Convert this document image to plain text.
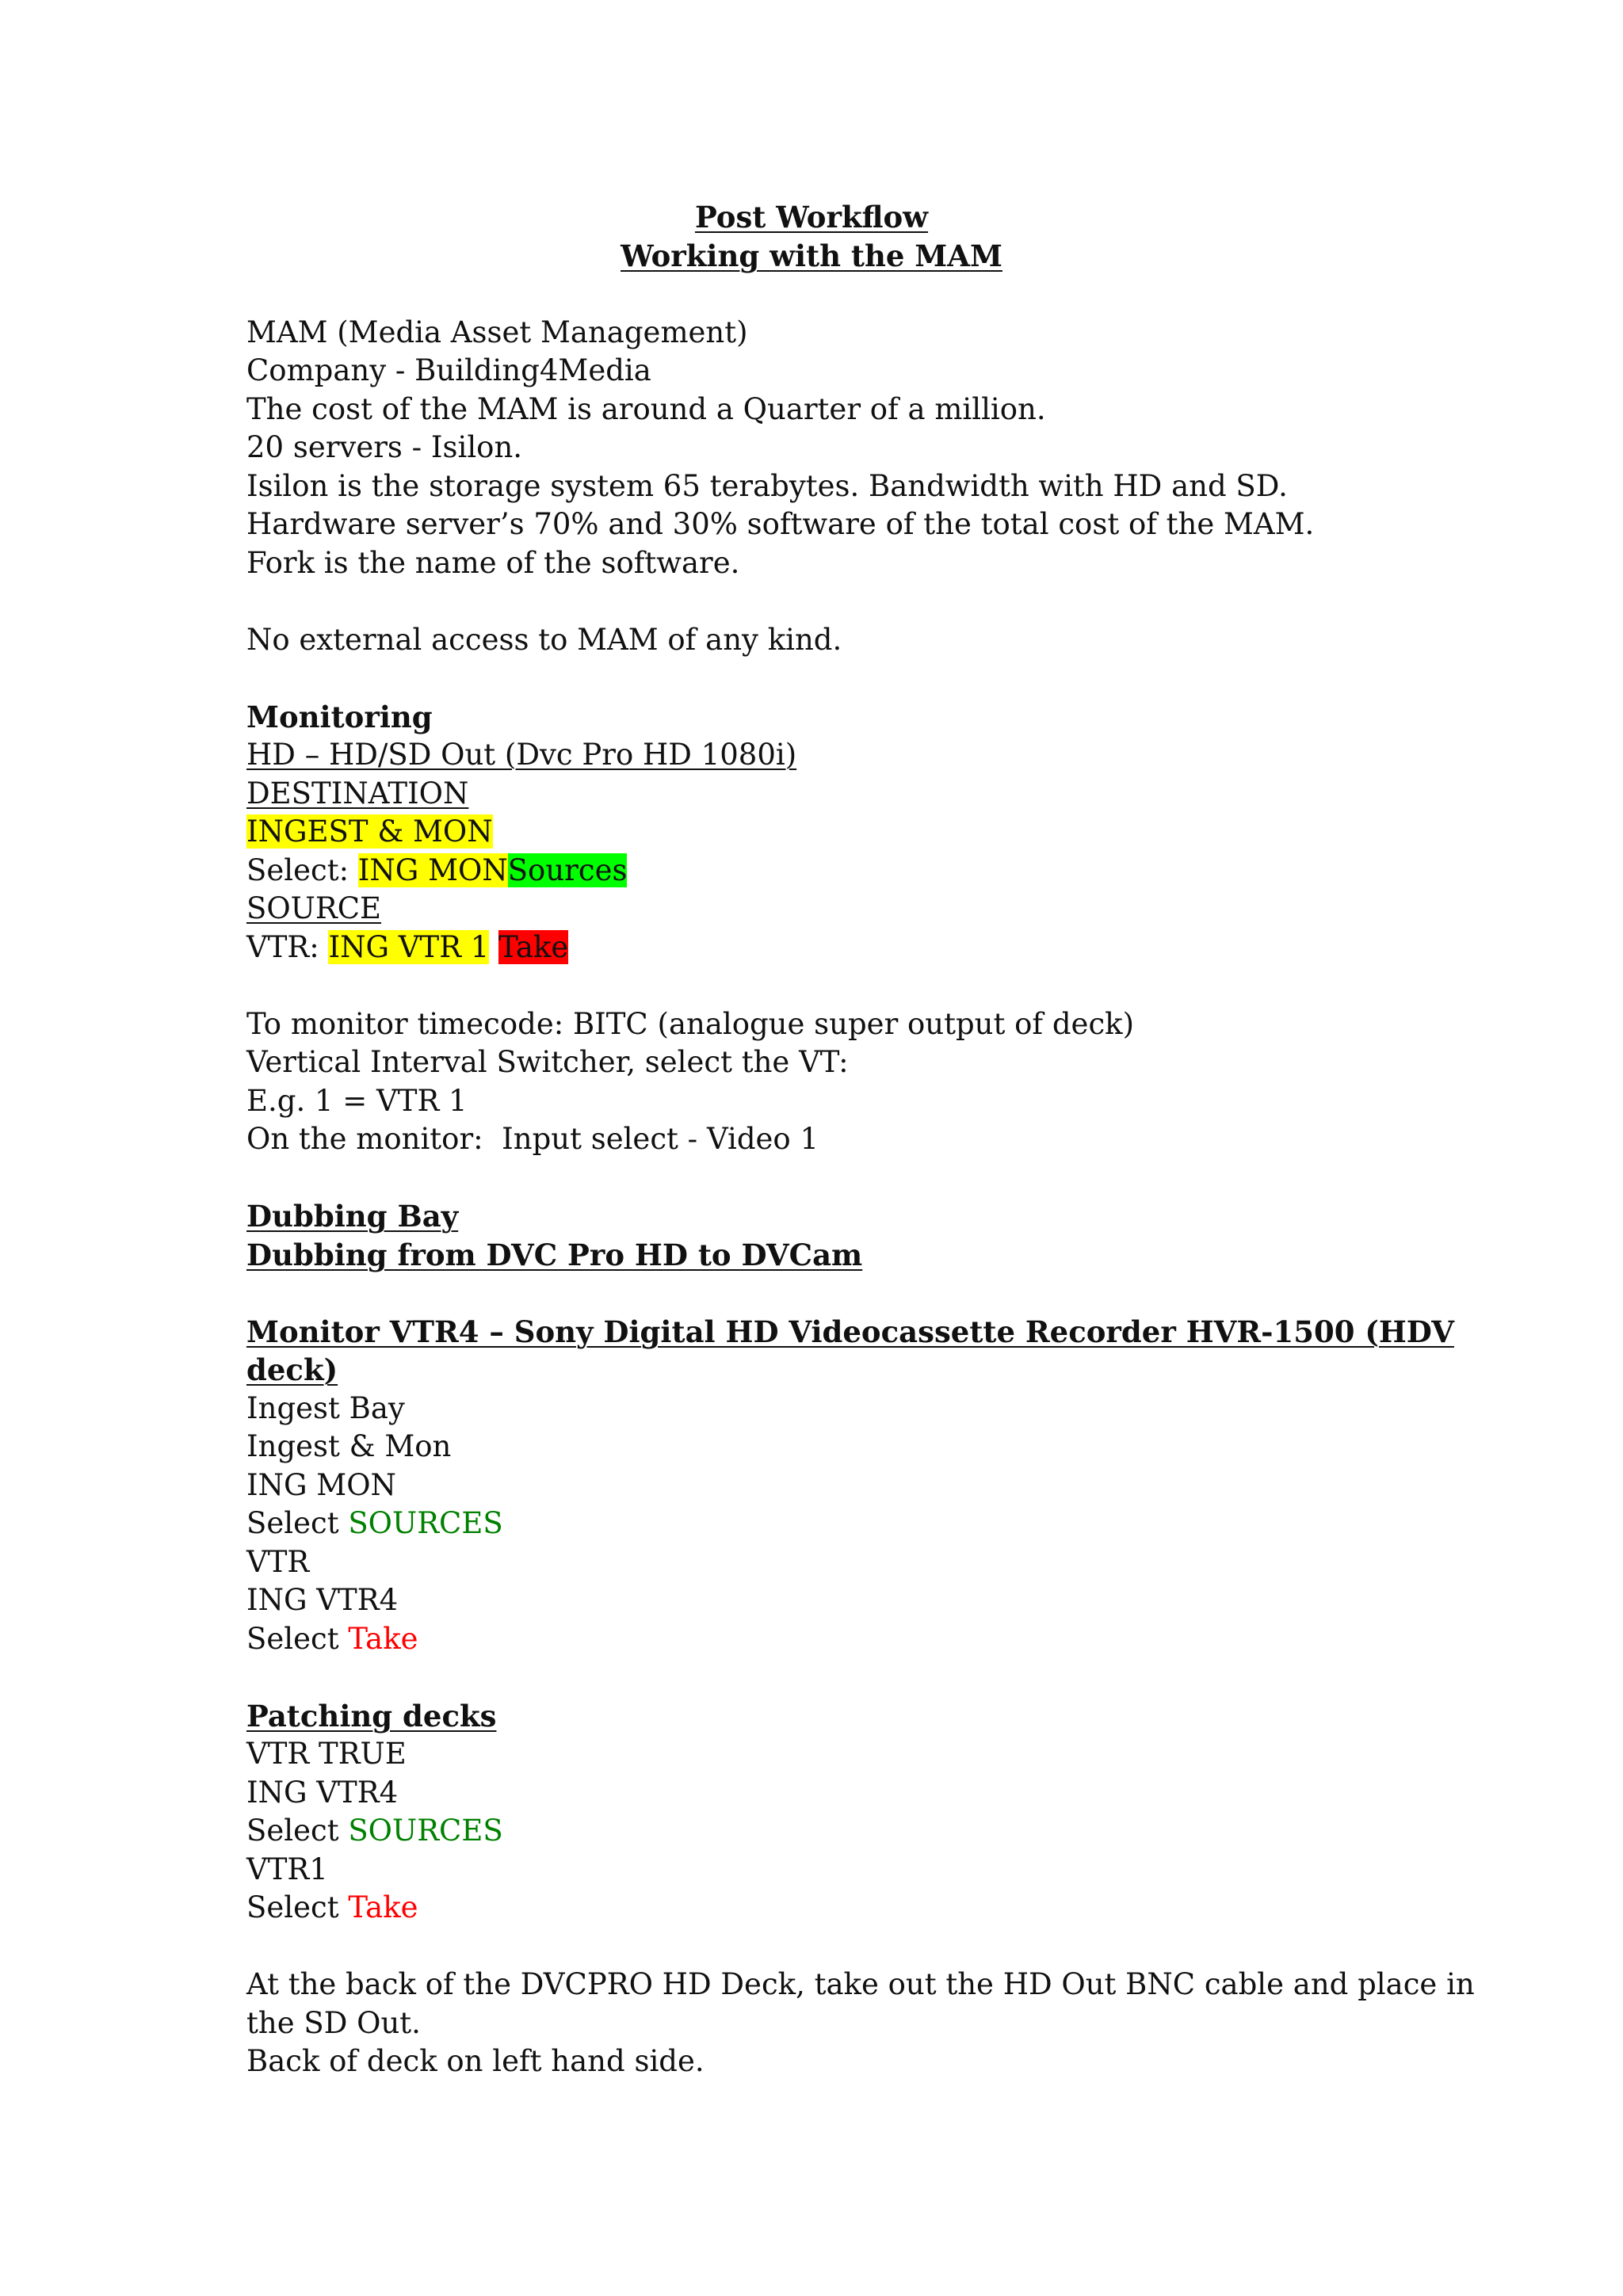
Post Workflow
Working with the MAM
MAM (Media Asset Management)
Company - Building4Media
The cost of the MAM is around a Quarter of a million.
20 servers - Isilon.
Isilon is the storage system 65 terabytes. Bandwidth with HD and SD.
Hardware server’s 70% and 30% software of the total cost of the MAM.
Fork is the name of the software.
No external access to MAM of any kind.
Monitoring
HD – HD/SD Out (Dvc Pro HD 1080i)
DESTINATION
INGEST & MON
Select: ING MONSources
SOURCE
VTR: ING VTR 1 Take
To monitor timecode: BITC (analogue super output of deck)
Vertical Interval Switcher, select the VT:
E.g. 1 = VTR 1
On the monitor:  Input select - Video 1
Dubbing Bay
Dubbing from DVC Pro HD to DVCam
Monitor VTR4 – Sony Digital HD Videocassette Recorder HVR-1500 (HDV
deck)
Ingest Bay
Ingest & Mon
ING MON
Select SOURCES
VTR
ING VTR4
Select Take
Patching decks
VTR TRUE
ING VTR4
Select SOURCES
VTR1
Select Take
At the back of the DVCPRO HD Deck, take out the HD Out BNC cable and place in
the SD Out.
Back of deck on left hand side.
